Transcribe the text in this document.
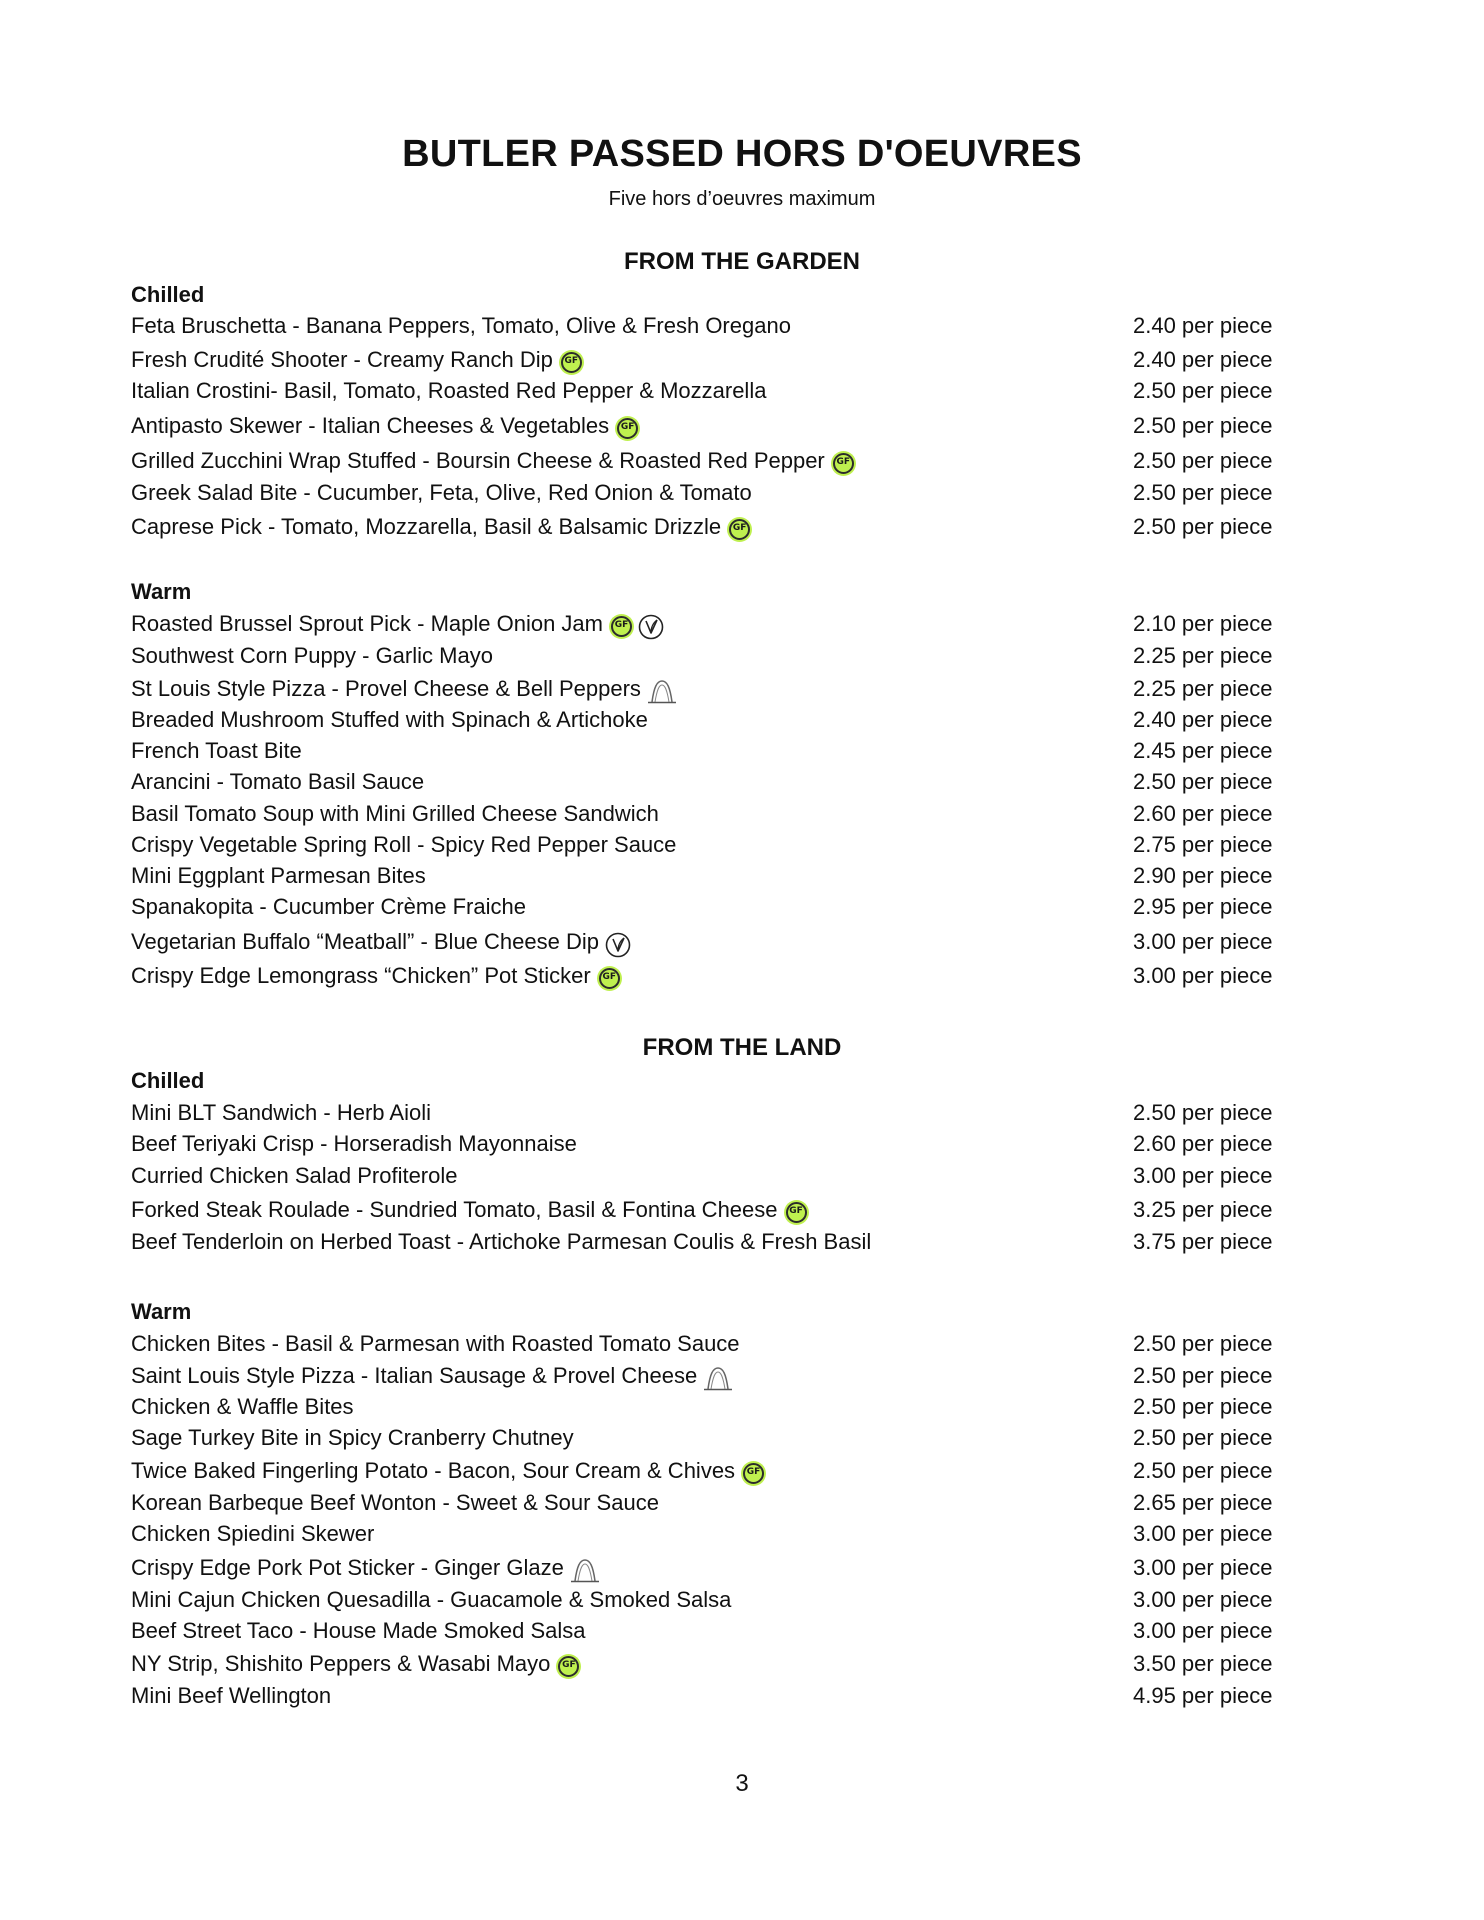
BUTLER PASSED HORS D'OEUVRES
Five hors d’oeuvres maximum
FROM THE GARDEN
Chilled
Feta Bruschetta - Banana Peppers, Tomato, Olive & Fresh Oregano	2.40 per piece
Fresh Crudité Shooter - Creamy Ranch Dip	GF	2.40 per piece
Italian Crostini- Basil, Tomato, Roasted Red Pepper & Mozzarella	2.50 per piece
Antipasto Skewer - Italian Cheeses & Vegetables	GF	2.50 per piece
Grilled Zucchini Wrap Stuffed - Boursin Cheese & Roasted Red Pepper	GF	2.50 per piece
Greek Salad Bite - Cucumber, Feta, Olive, Red Onion & Tomato	2.50 per piece
Caprese Pick - Tomato, Mozzarella, Basil & Balsamic Drizzle	GF	2.50 per piece
Warm
Roasted Brussel Sprout Pick - Maple Onion Jam	GF	2.10 per piece
Southwest Corn Puppy - Garlic Mayo	2.25 per piece
St Louis Style Pizza - Provel Cheese & Bell Peppers	2.25 per piece
Breaded Mushroom Stuffed with Spinach & Artichoke	2.40 per piece
French Toast Bite	2.45 per piece
Arancini - Tomato Basil Sauce	2.50 per piece
Basil Tomato Soup with Mini Grilled Cheese Sandwich	2.60 per piece
Crispy Vegetable Spring Roll - Spicy Red Pepper Sauce	2.75 per piece
Mini Eggplant Parmesan Bites	2.90 per piece
Spanakopita - Cucumber Crème Fraiche	2.95 per piece
Vegetarian Buffalo “Meatball” - Blue Cheese Dip	3.00 per piece
Crispy Edge Lemongrass “Chicken” Pot Sticker	GF	3.00 per piece
FROM THE LAND
Chilled
Mini BLT Sandwich - Herb Aioli	2.50 per piece
Beef Teriyaki Crisp - Horseradish Mayonnaise	2.60 per piece
Curried Chicken Salad Profiterole	3.00 per piece
Forked Steak Roulade - Sundried Tomato, Basil & Fontina Cheese	GF	3.25 per piece
Beef Tenderloin on Herbed Toast - Artichoke Parmesan Coulis & Fresh Basil	3.75 per piece
Warm
Chicken Bites - Basil & Parmesan with Roasted Tomato Sauce	2.50 per piece
Saint Louis Style Pizza - Italian Sausage & Provel Cheese	2.50 per piece
Chicken & Waffle Bites	2.50 per piece
Sage Turkey Bite in Spicy Cranberry Chutney	2.50 per piece
Twice Baked Fingerling Potato - Bacon, Sour Cream & Chives	GF	2.50 per piece
Korean Barbeque Beef Wonton - Sweet & Sour Sauce	2.65 per piece
Chicken Spiedini Skewer	3.00 per piece
Crispy Edge Pork Pot Sticker - Ginger Glaze	3.00 per piece
Mini Cajun Chicken Quesadilla - Guacamole & Smoked Salsa	3.00 per piece
Beef Street Taco - House Made Smoked Salsa	3.00 per piece
NY Strip, Shishito Peppers & Wasabi Mayo	GF	3.50 per piece
Mini Beef Wellington	4.95 per piece
3
